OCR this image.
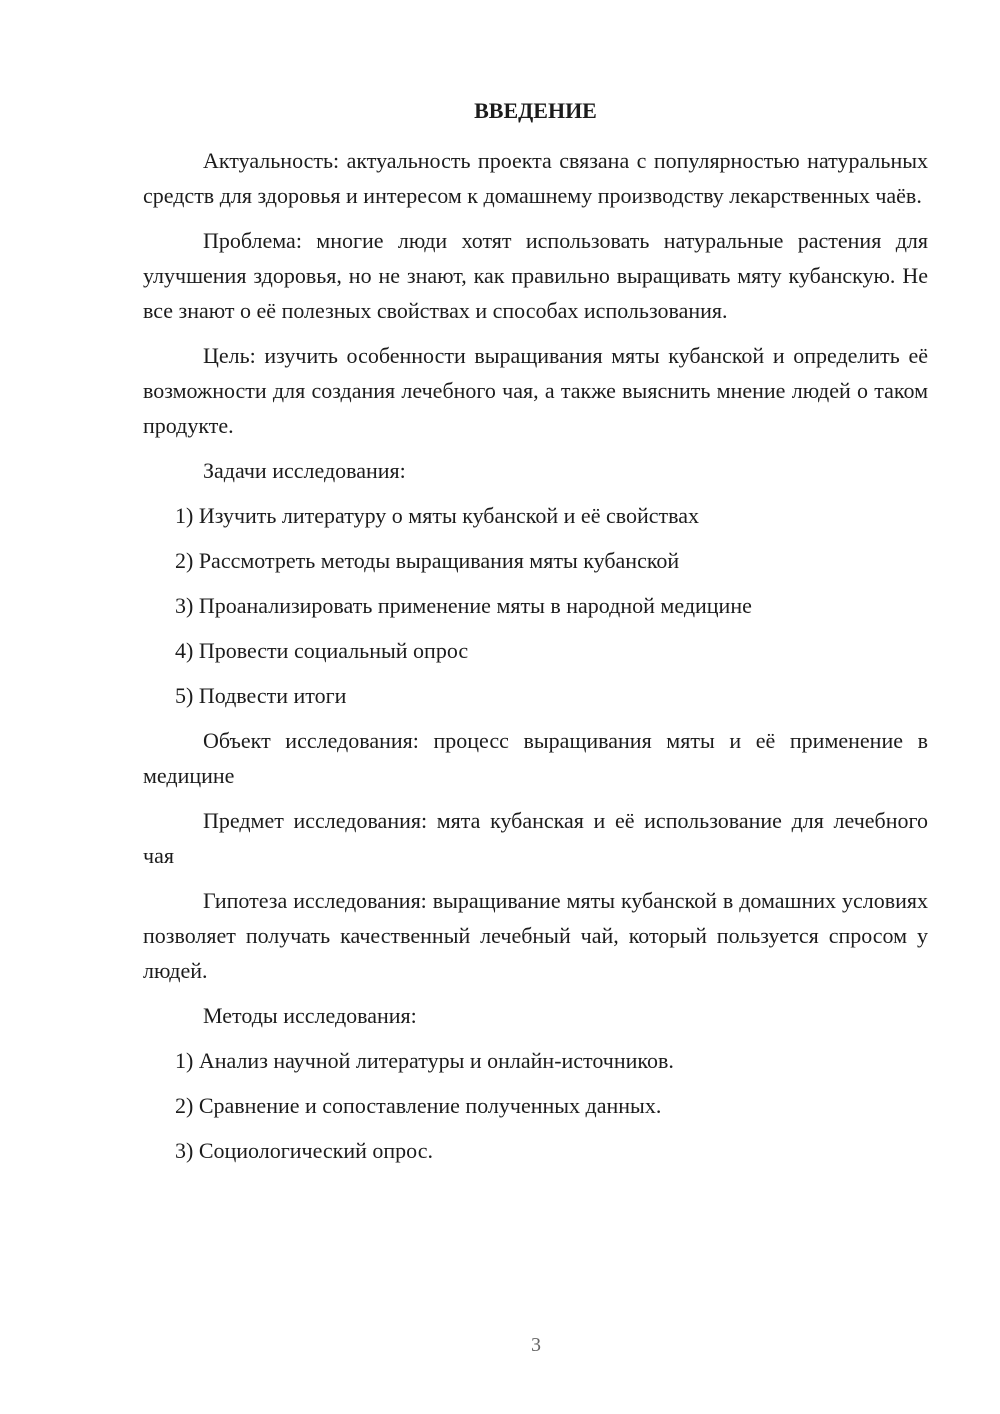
ВВЕДЕНИЕ

Актуальность: актуальность проекта связана с популярностью натуральных средств для здоровья и интересом к домашнему производству лекарственных чаёв.

Проблема: многие люди хотят использовать натуральные растения для улучшения здоровья, но не знают, как правильно выращивать мяту кубанскую. Не все знают о её полезных свойствах и способах использования.

Цель: изучить особенности выращивания мяты кубанской и определить её возможности для создания лечебного чая, а также выяснить мнение людей о таком продукте.

Задачи исследования:

1) Изучить литературу о мяты кубанской и её свойствах
2) Рассмотреть методы выращивания мяты кубанской
3) Проанализировать применение мяты в народной медицине
4) Провести социальный опрос
5) Подвести итоги

Объект исследования: процесс выращивания мяты и её применение в медицине

Предмет исследования: мята кубанская и её использование для лечебного чая

Гипотеза исследования: выращивание мяты кубанской в домашних условиях позволяет получать качественный лечебный чай, который пользуется спросом у людей.

Методы исследования:

1) Анализ научной литературы и онлайн-источников.
2) Сравнение и сопоставление полученных данных.
3) Социологический опрос.
3
